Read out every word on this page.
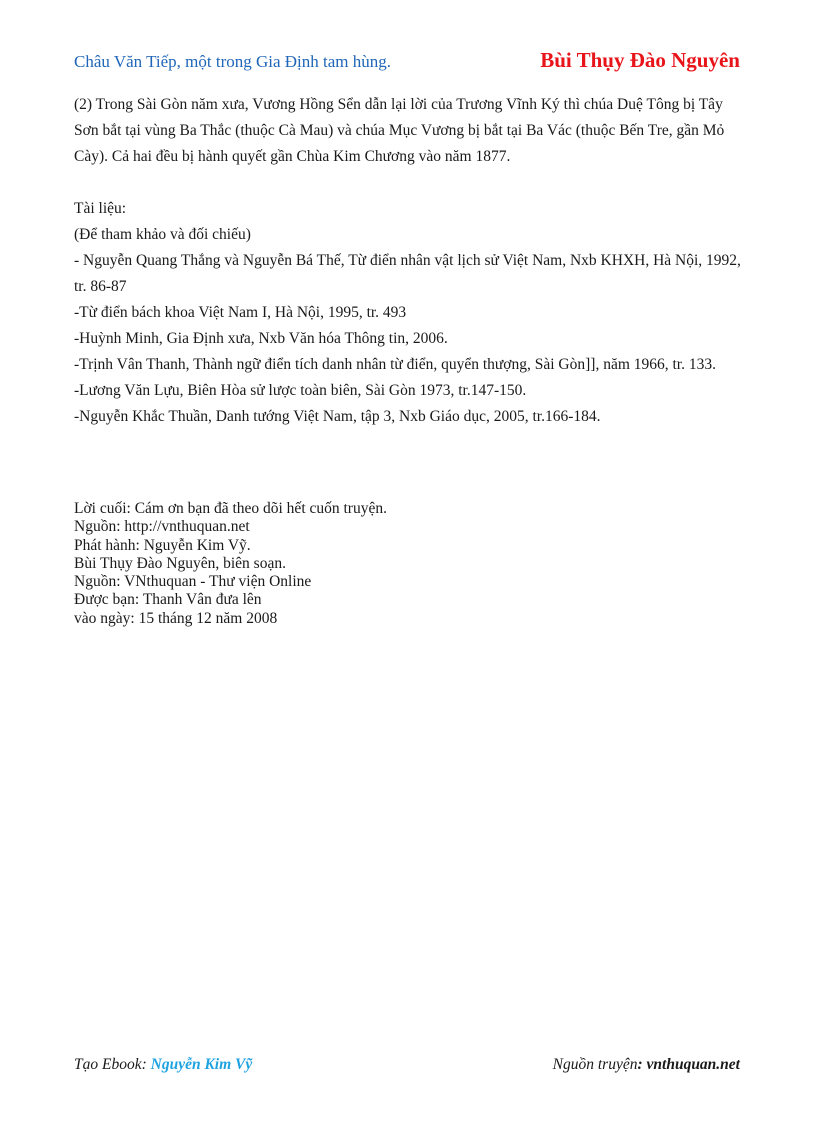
Châu Văn Tiếp, một trong Gia Định tam hùng.	Bùi Thụy Đào Nguyên

(2) Trong Sài Gòn năm xưa, Vương Hồng Sển dẫn lại lời của Trương Vĩnh Ký thì chúa Duệ Tông bị Tây Sơn bắt tại vùng Ba Thắc (thuộc Cà Mau) và chúa Mục Vương bị bắt tại Ba Vác (thuộc Bến Tre, gần Mỏ Cày). Cả hai đều bị hành quyết gần Chùa Kim Chương vào năm 1877.

Tài liệu:

(Để tham khảo và đối chiếu)

- Nguyễn Quang Thắng và Nguyễn Bá Thế, Từ điển nhân vật lịch sử Việt Nam, Nxb KHXH, Hà Nội, 1992, tr. 86-87

-Từ điển bách khoa Việt Nam I, Hà Nội, 1995, tr. 493

-Huỳnh Minh, Gia Định xưa, Nxb Văn hóa Thông tin, 2006.

-Trịnh Vân Thanh, Thành ngữ điển tích danh nhân từ điển, quyển thượng, Sài Gòn]], năm 1966, tr. 133.

-Lương Văn Lựu, Biên Hòa sử lược toàn biên, Sài Gòn 1973, tr.147-150.

-Nguyễn Khắc Thuần, Danh tướng Việt Nam, tập 3, Nxb Giáo dục, 2005, tr.166-184.

Lời cuối: Cám ơn bạn đã theo dõi hết cuốn truyện.

Nguồn: http://vnthuquan.net

Phát hành: Nguyễn Kim Vỹ.

Bùi Thụy Đào Nguyên, biên soạn.

Nguồn: VNthuquan - Thư viện Online

Được bạn: Thanh Vân đưa lên

vào ngày: 15 tháng 12 năm 2008

Tạo Ebook: Nguyễn Kim Vỹ	Nguồn truyện: vnthuquan.net
